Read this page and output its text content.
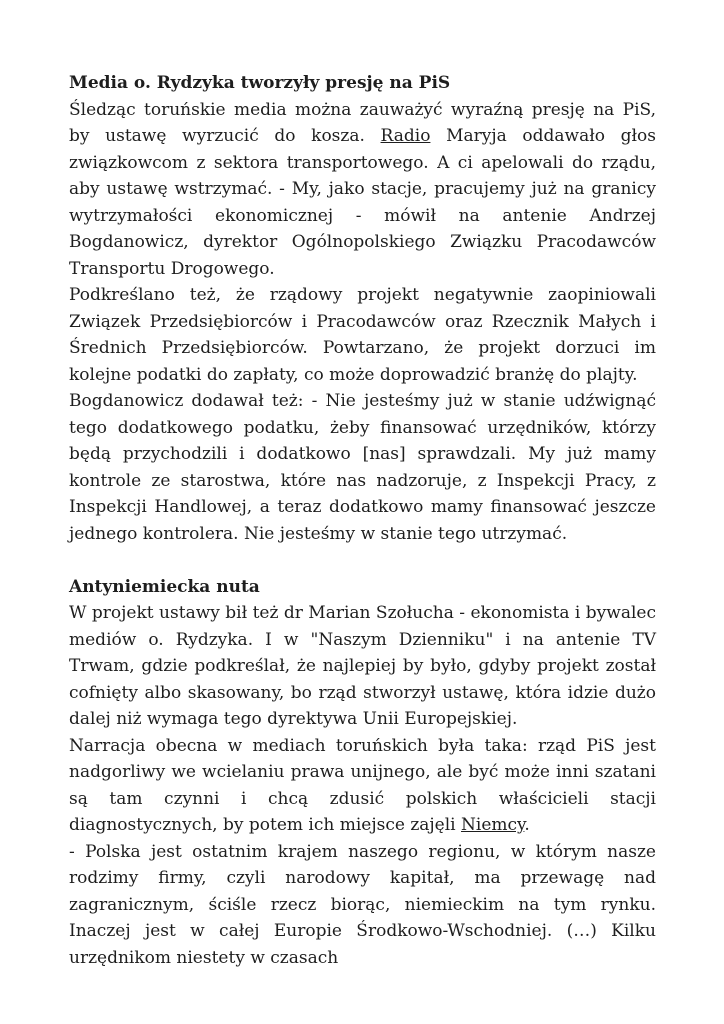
Media o. Rydzyka tworzyły presję na PiS

Śledząc toruńskie media można zauważyć wyraźną presję na PiS, by ustawę wyrzucić do kosza. Radio Maryja oddawało głos związkowcom z sektora transportowego. A ci apelowali do rządu, aby ustawę wstrzymać. - My, jako stacje, pracujemy już na granicy wytrzymałości ekonomicznej - mówił na antenie Andrzej Bogdanowicz, dyrektor Ogólnopolskiego Związku Pracodawców Transportu Drogowego.

Podkreślano też, że rządowy projekt negatywnie zaopiniowali Związek Przedsiębiorców i Pracodawców oraz Rzecznik Małych i Średnich Przedsiębiorców. Powtarzano, że projekt dorzuci im kolejne podatki do zapłaty, co może doprowadzić branżę do plajty.

Bogdanowicz dodawał też: - Nie jesteśmy już w stanie udźwignąć tego dodatkowego podatku, żeby finansować urzędników, którzy będą przychodzili i dodatkowo [nas] sprawdzali. My już mamy kontrole ze starostwa, które nas nadzoruje, z Inspekcji Pracy, z Inspekcji Handlowej, a teraz dodatkowo mamy finansować jeszcze jednego kontrolera. Nie jesteśmy w stanie tego utrzymać.

Antyniemiecka nuta

W projekt ustawy bił też dr Marian Szołucha - ekonomista i bywalec mediów o. Rydzyka. I w "Naszym Dzienniku" i na antenie TV Trwam, gdzie podkreślał, że najlepiej by było, gdyby projekt został cofnięty albo skasowany, bo rząd stworzył ustawę, która idzie dużo dalej niż wymaga tego dyrektywa Unii Europejskiej.

Narracja obecna w mediach toruńskich była taka: rząd PiS jest nadgorliwy we wcielaniu prawa unijnego, ale być może inni szatani są tam czynni i chcą zdusić polskich właścicieli stacji diagnostycznych, by potem ich miejsce zajęli Niemcy.

- Polska jest ostatnim krajem naszego regionu, w którym nasze rodzimy firmy, czyli narodowy kapitał, ma przewagę nad zagranicznym, ściśle rzecz biorąc, niemieckim na tym rynku. Inaczej jest w całej Europie Środkowo-Wschodniej. (…) Kilku urzędnikom niestety w czasach
